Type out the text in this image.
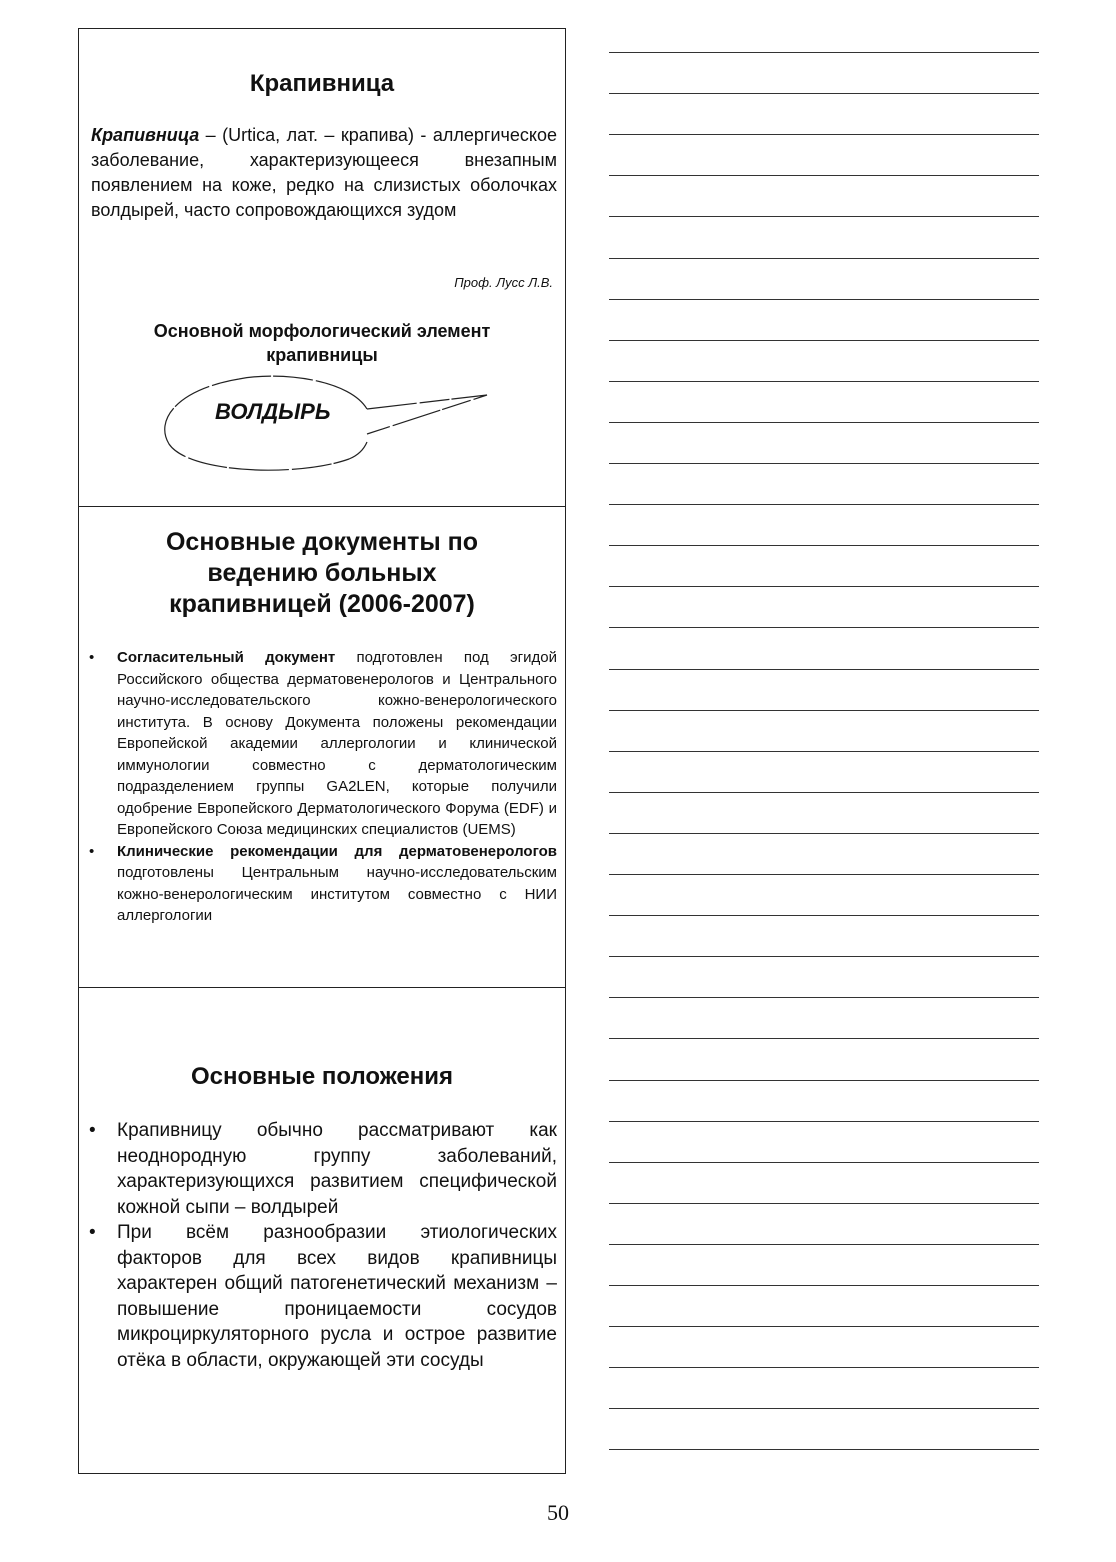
Крапивница
Крапивница – (Urtica, лат. – крапива) - аллергическое заболевание, характеризующееся внезапным появлением на коже, редко на слизистых оболочках волдырей, часто сопровождающихся зудом
Проф. Лусс Л.В.
Основной морфологический элемент крапивницы
ВОЛДЫРЬ
Основные документы по ведению больных крапивницей (2006-2007)
• Согласительный документ подготовлен под эгидой Российского общества дерматовенерологов и Центрального научно-исследовательского кожно-венерологического института. В основу Документа положены рекомендации Европейской академии аллергологии и клинической иммунологии совместно с дерматологическим подразделением группы GA2LEN, которые получили одобрение Европейского Дерматологического Форума (EDF) и Европейского Союза медицинских специалистов (UEMS)
• Клинические рекомендации для дерматовенерологов подготовлены Центральным научно-исследовательским кожно-венерологическим институтом совместно с НИИ аллергологии
Основные положения
• Крапивницу обычно рассматривают как неоднородную группу заболеваний, характеризующихся развитием специфической кожной сыпи – волдырей
• При всём разнообразии этиологических факторов для всех видов крапивницы характерен общий патогенетический механизм – повышение проницаемости сосудов микроциркуляторного русла и острое развитие отёка в области, окружающей эти сосуды
50
